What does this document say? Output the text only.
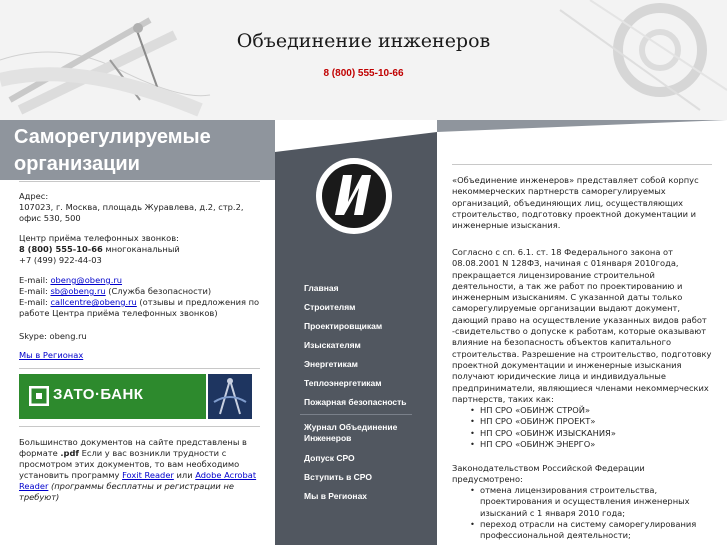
Объединение инженеров
8 (800) 555-10-66
Саморегулируемые организации
Адрес:
107023, г. Москва, площадь Журавлева, д.2, стр.2,
офис 530, 500
Центр приёма телефонных звонков:
8 (800) 555-10-66 многоканальный
+7 (499) 922-44-03
E-mail: obeng@obeng.ru
E-mail: sb@obeng.ru (Служба безопасности)
E-mail: callcentre@obeng.ru (отзывы и предложения по работе Центра приёма телефонных звонков)
Skype: obeng.ru
Мы в Регионах
ЗАТО·БАНК
Большинство документов на сайте представлены в формате .pdf Если у вас возникли трудности с просмотром этих документов, то вам необходимо установить программу Foxit Reader или Adobe Acrobat Reader (программы бесплатны и регистрации не требуют)
Главная
Строителям
Проектировщикам
Изыскателям
Энергетикам
Теплоэнергетикам
Пожарная безопасность
Журнал Объединение Инженеров
Допуск СРО
Вступить в СРО
Мы в Регионах
«Объединение инженеров» представляет собой корпус некоммерческих партнерств саморегулируемых организаций, объединяющих лиц, осуществляющих строительство, подготовку проектной документации и инженерные изыскания.
Согласно с сп. 6.1. ст. 18 Федерального закона от 08.08.2001 N 128ФЗ, начиная с 01января 2010года, прекращается лицензирование строительной деятельности, а так же работ по проектированию и инженерным изысканиям. С указанной даты только саморегулируемые организации выдают документ, дающий право на осуществление указанных видов работ -свидетельство о допуске к работам, которые оказывают влияние на безопасность объектов капитального строительства. Разрешение на строительство, подготовку проектной документации и инженерные изыскания получают юридические лица и индивидуальные предприниматели, являющиеся членами некоммерческих партнерств, таких как:
• НП СРО «ОБИНЖ СТРОЙ»
• НП СРО «ОБИНЖ ПРОЕКТ»
• НП СРО «ОБИНЖ ИЗЫСКАНИЯ»
• НП СРО «ОБИНЖ ЭНЕРГО»
Законодательством Российской Федерации предусмотрено:
• отмена лицензирования строительства, проектирования и осуществления инженерных изысканий с 1 января 2010 года;
• переход отрасли на систему саморегулирования профессиональной деятельности;
